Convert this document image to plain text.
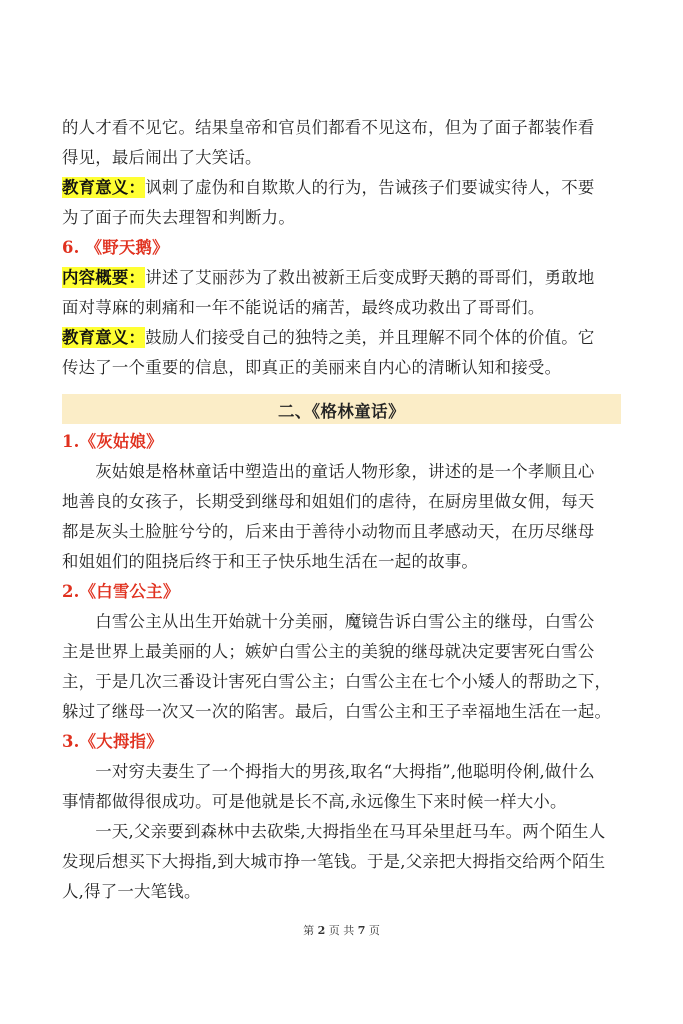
的人才看不见它。结果皇帝和官员们都看不见这布，但为了面子都装作看
得见，最后闹出了大笑话。
教育意义：讽刺了虚伪和自欺欺人的行为，告诫孩子们要诚实待人，不要
为了面子而失去理智和判断力。
6. 《野天鹅》
内容概要：讲述了艾丽莎为了救出被新王后变成野天鹅的哥哥们，勇敢地
面对荨麻的刺痛和一年不能说话的痛苦，最终成功救出了哥哥们。
教育意义：鼓励人们接受自己的独特之美，并且理解不同个体的价值。它
传达了一个重要的信息，即真正的美丽来自内心的清晰认知和接受。
二、《格林童话》
1.《灰姑娘》
　　灰姑娘是格林童话中塑造出的童话人物形象，讲述的是一个孝顺且心
地善良的女孩子，长期受到继母和姐姐们的虐待，在厨房里做女佣，每天
都是灰头土脸脏兮兮的，后来由于善待小动物而且孝感动天，在历尽继母
和姐姐们的阻挠后终于和王子快乐地生活在一起的故事。
2.《白雪公主》
　　白雪公主从出生开始就十分美丽，魔镜告诉白雪公主的继母，白雪公
主是世界上最美丽的人；嫉妒白雪公主的美貌的继母就决定要害死白雪公
主，于是几次三番设计害死白雪公主；白雪公主在七个小矮人的帮助之下，
躲过了继母一次又一次的陷害。最后，白雪公主和王子幸福地生活在一起。
3.《大拇指》
　　一对穷夫妻生了一个拇指大的男孩,取名“大拇指”,他聪明伶俐,做什么
事情都做得很成功。可是他就是长不高,永远像生下来时候一样大小。
　　一天,父亲要到森林中去砍柴,大拇指坐在马耳朵里赶马车。两个陌生人
发现后想买下大拇指,到大城市挣一笔钱。于是,父亲把大拇指交给两个陌生
人,得了一大笔钱。
第 2 页 共 7 页
